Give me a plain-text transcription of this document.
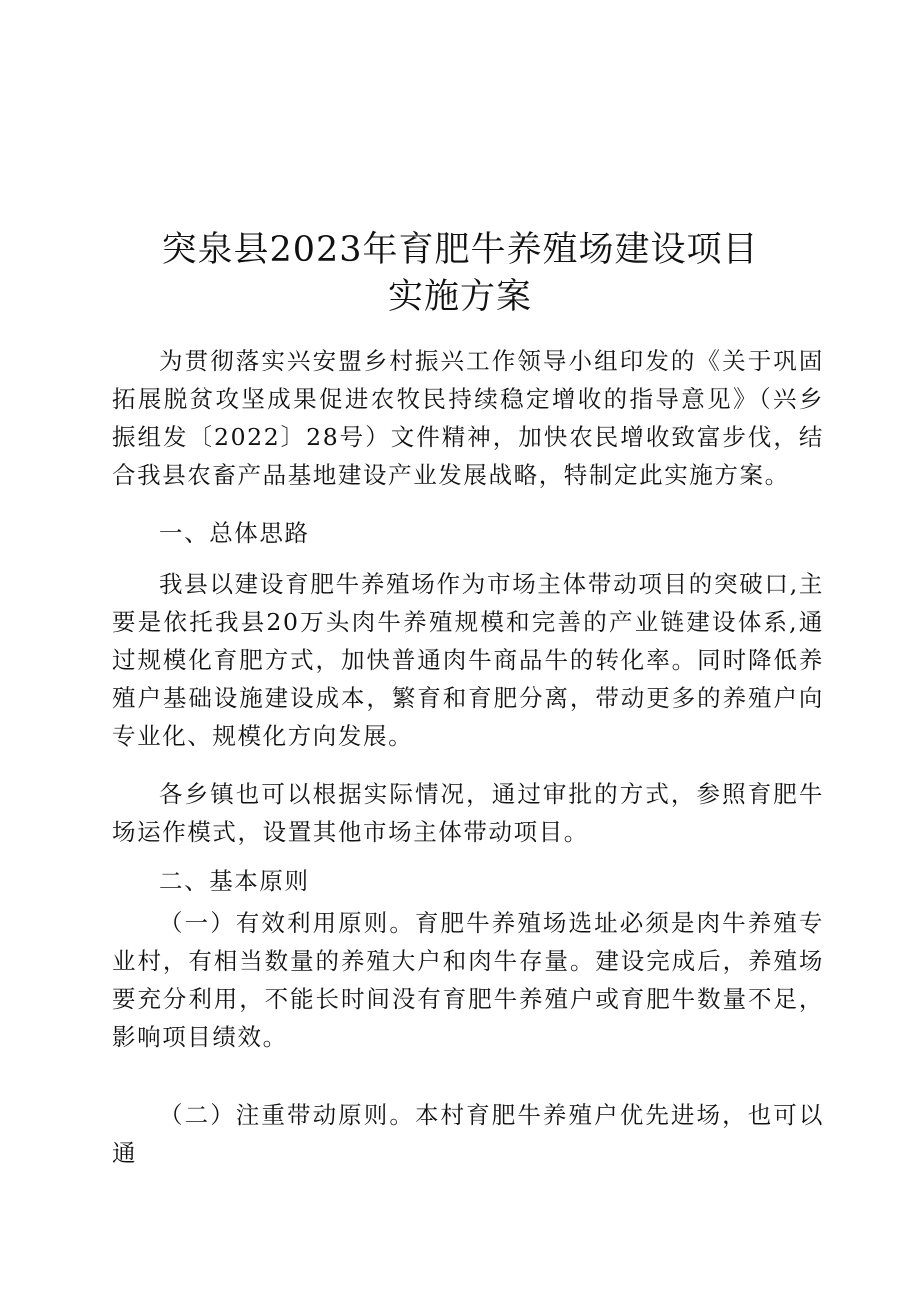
突泉县2023年育肥牛养殖场建设项目
实施方案

为贯彻落实兴安盟乡村振兴工作领导小组印发的《关于巩固拓展脱贫攻坚成果促进农牧民持续稳定增收的指导意见》（兴乡振组发〔2022〕28号）文件精神，加快农民增收致富步伐，结合我县农畜产品基地建设产业发展战略，特制定此实施方案。

一、总体思路

我县以建设育肥牛养殖场作为市场主体带动项目的突破口,主要是依托我县20万头肉牛养殖规模和完善的产业链建设体系,通过规模化育肥方式，加快普通肉牛商品牛的转化率。同时降低养殖户基础设施建设成本，繁育和育肥分离，带动更多的养殖户向专业化、规模化方向发展。

各乡镇也可以根据实际情况，通过审批的方式，参照育肥牛场运作模式，设置其他市场主体带动项目。

二、基本原则

（一）有效利用原则。育肥牛养殖场选址必须是肉牛养殖专业村，有相当数量的养殖大户和肉牛存量。建设完成后，养殖场要充分利用，不能长时间没有育肥牛养殖户或育肥牛数量不足，影响项目绩效。

（二）注重带动原则。本村育肥牛养殖户优先进场，也可以通
